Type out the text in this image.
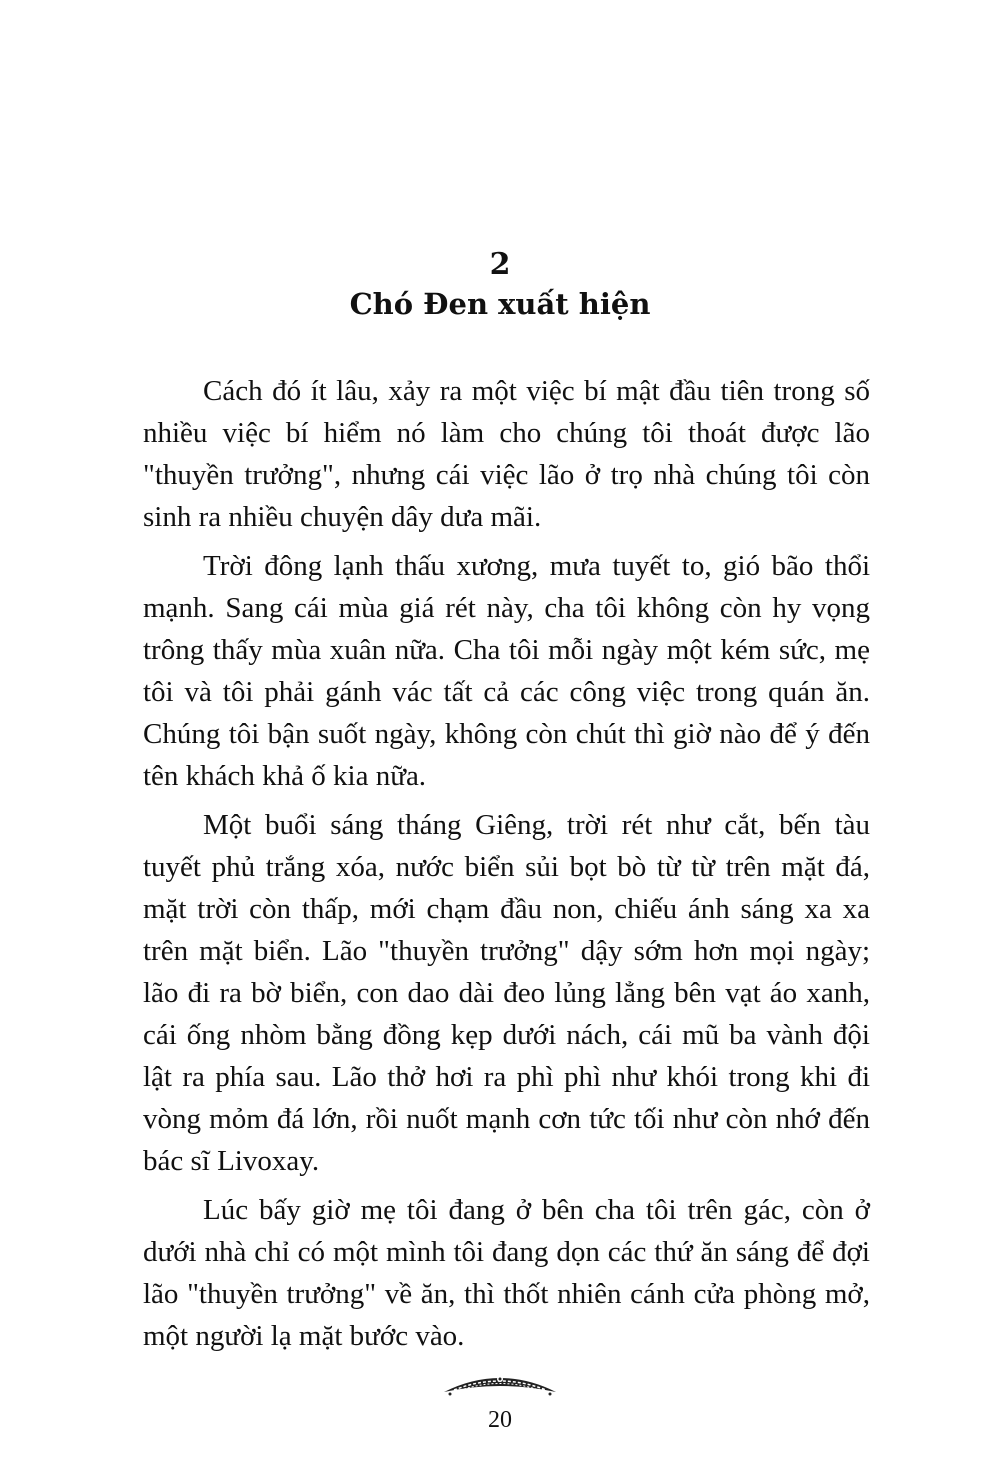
2
Chó Đen xuất hiện

Cách đó ít lâu, xảy ra một việc bí mật đầu tiên trong số nhiều việc bí hiểm nó làm cho chúng tôi thoát được lão "thuyền trưởng", nhưng cái việc lão ở trọ nhà chúng tôi còn sinh ra nhiều chuyện dây dưa mãi.

Trời đông lạnh thấu xương, mưa tuyết to, gió bão thổi mạnh. Sang cái mùa giá rét này, cha tôi không còn hy vọng trông thấy mùa xuân nữa. Cha tôi mỗi ngày một kém sức, mẹ tôi và tôi phải gánh vác tất cả các công việc trong quán ăn. Chúng tôi bận suốt ngày, không còn chút thì giờ nào để ý đến tên khách khả ố kia nữa.

Một buổi sáng tháng Giêng, trời rét như cắt, bến tàu tuyết phủ trắng xóa, nước biển sủi bọt bò từ từ trên mặt đá, mặt trời còn thấp, mới chạm đầu non, chiếu ánh sáng xa xa trên mặt biển. Lão "thuyền trưởng" dậy sớm hơn mọi ngày; lão đi ra bờ biển, con dao dài đeo lủng lẳng bên vạt áo xanh, cái ống nhòm bằng đồng kẹp dưới nách, cái mũ ba vành đội lật ra phía sau. Lão thở hơi ra phì phì như khói trong khi đi vòng mỏm đá lớn, rồi nuốt mạnh cơn tức tối như còn nhớ đến bác sĩ Livoxay.

Lúc bấy giờ mẹ tôi đang ở bên cha tôi trên gác, còn ở dưới nhà chỉ có một mình tôi đang dọn các thứ ăn sáng để đợi lão "thuyền trưởng" về ăn, thì thốt nhiên cánh cửa phòng mở, một người lạ mặt bước vào.

20
